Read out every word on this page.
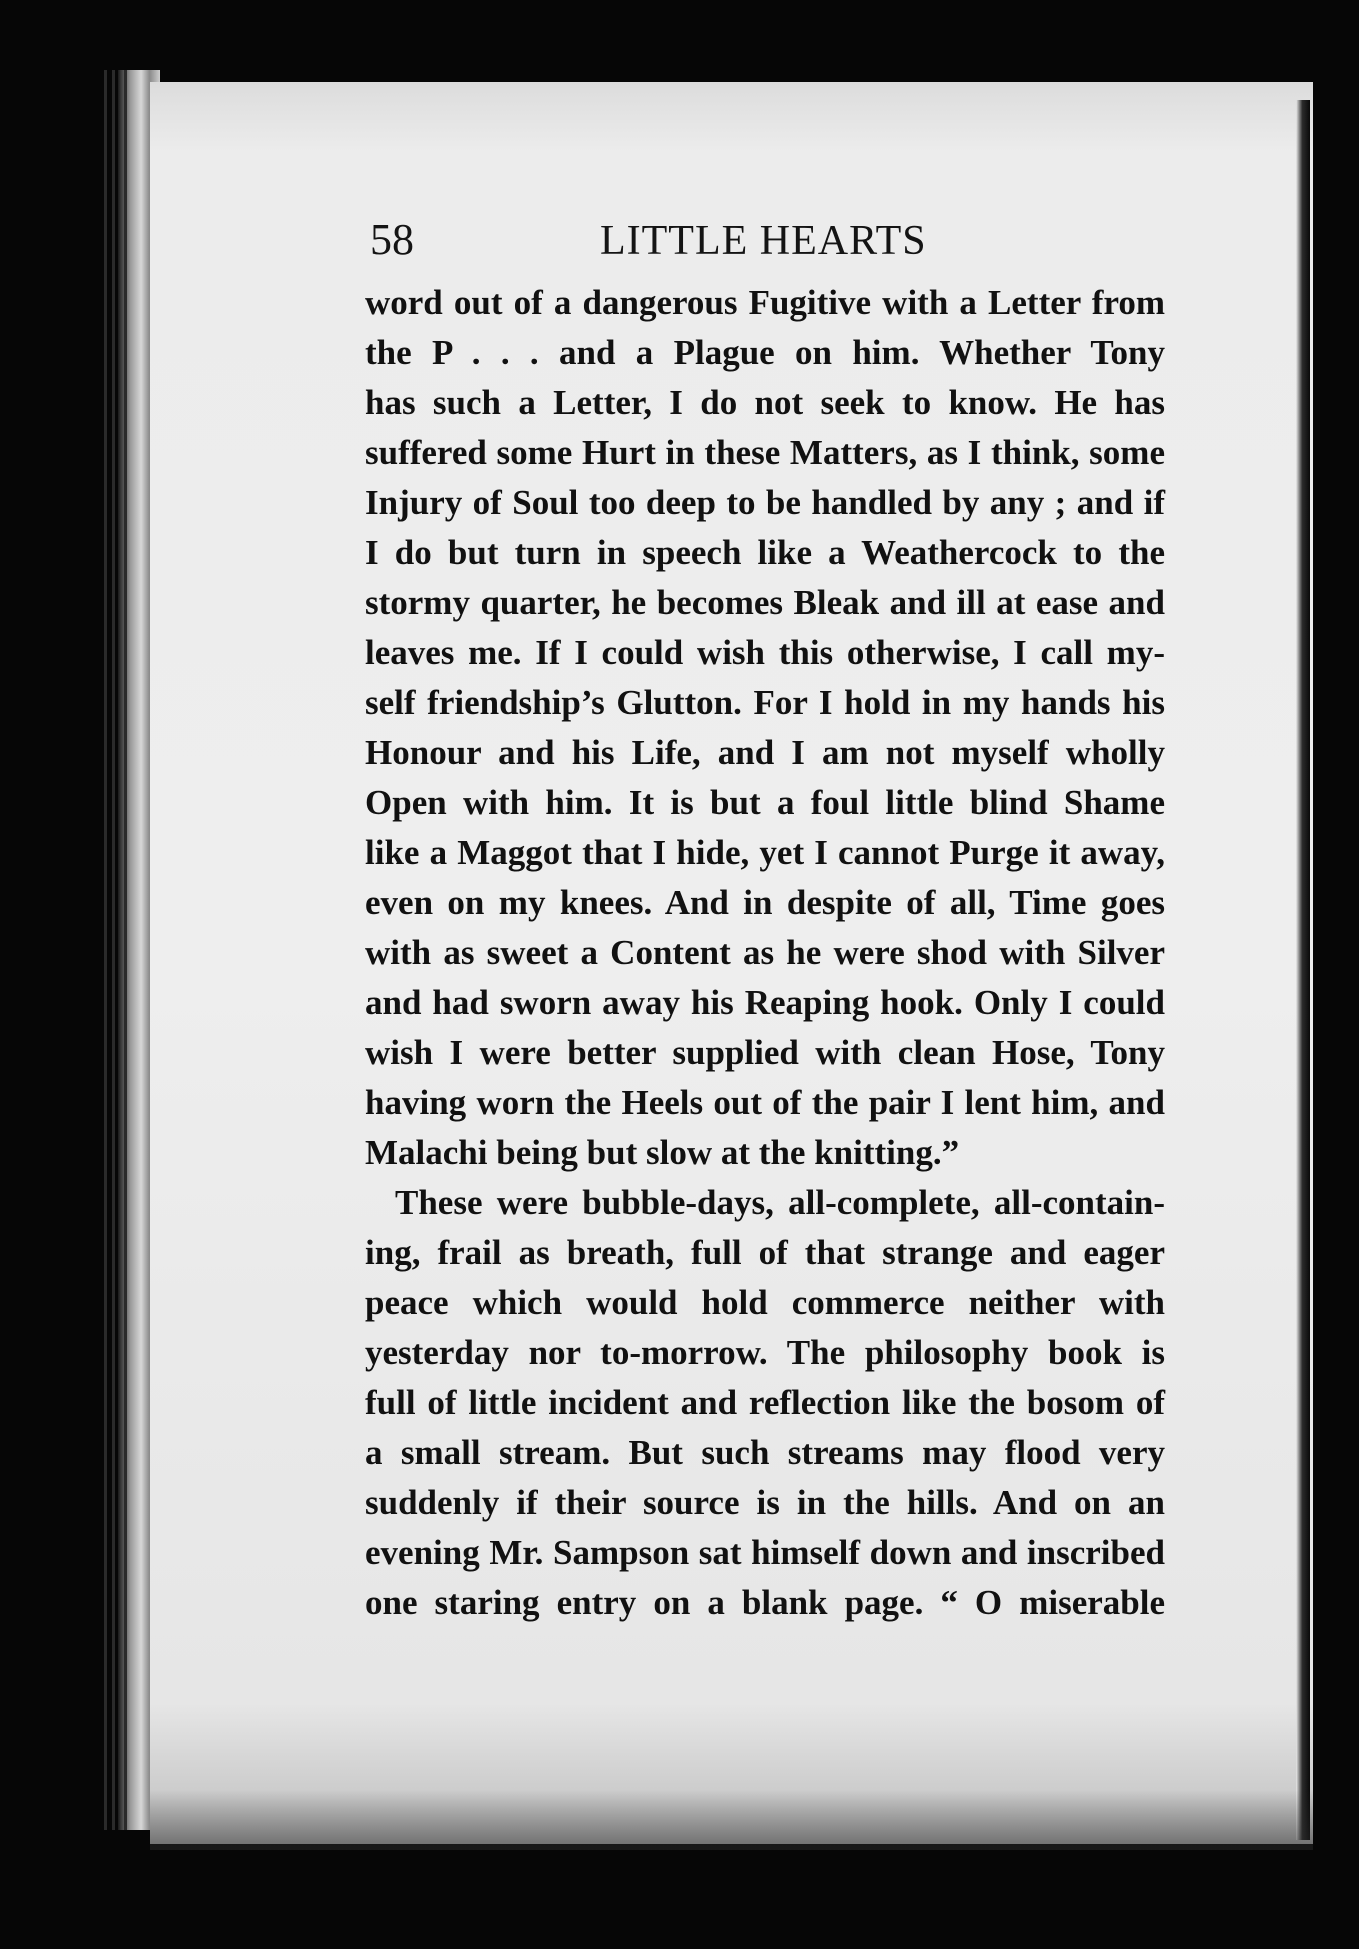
58	LITTLE HEARTS
word out of a dangerous Fugitive with a Letter from
the P . . . and a Plague on him. Whether Tony
has such a Letter, I do not seek to know. He has
suffered some Hurt in these Matters, as I think, some
Injury of Soul too deep to be handled by any ; and if
I do but turn in speech like a Weathercock to the
stormy quarter, he becomes Bleak and ill at ease and
leaves me. If I could wish this otherwise, I call my-
self friendship’s Glutton. For I hold in my hands his
Honour and his Life, and I am not myself wholly
Open with him. It is but a foul little blind Shame
like a Maggot that I hide, yet I cannot Purge it away,
even on my knees. And in despite of all, Time goes
with as sweet a Content as he were shod with Silver
and had sworn away his Reaping hook. Only I could
wish I were better supplied with clean Hose, Tony
having worn the Heels out of the pair I lent him, and
Malachi being but slow at the knitting.”
These were bubble-days, all-complete, all-contain-
ing, frail as breath, full of that strange and eager
peace which would hold commerce neither with
yesterday nor to-morrow. The philosophy book is
full of little incident and reflection like the bosom of
a small stream. But such streams may flood very
suddenly if their source is in the hills. And on an
evening Mr. Sampson sat himself down and inscribed
one staring entry on a blank page. “ O miserable
